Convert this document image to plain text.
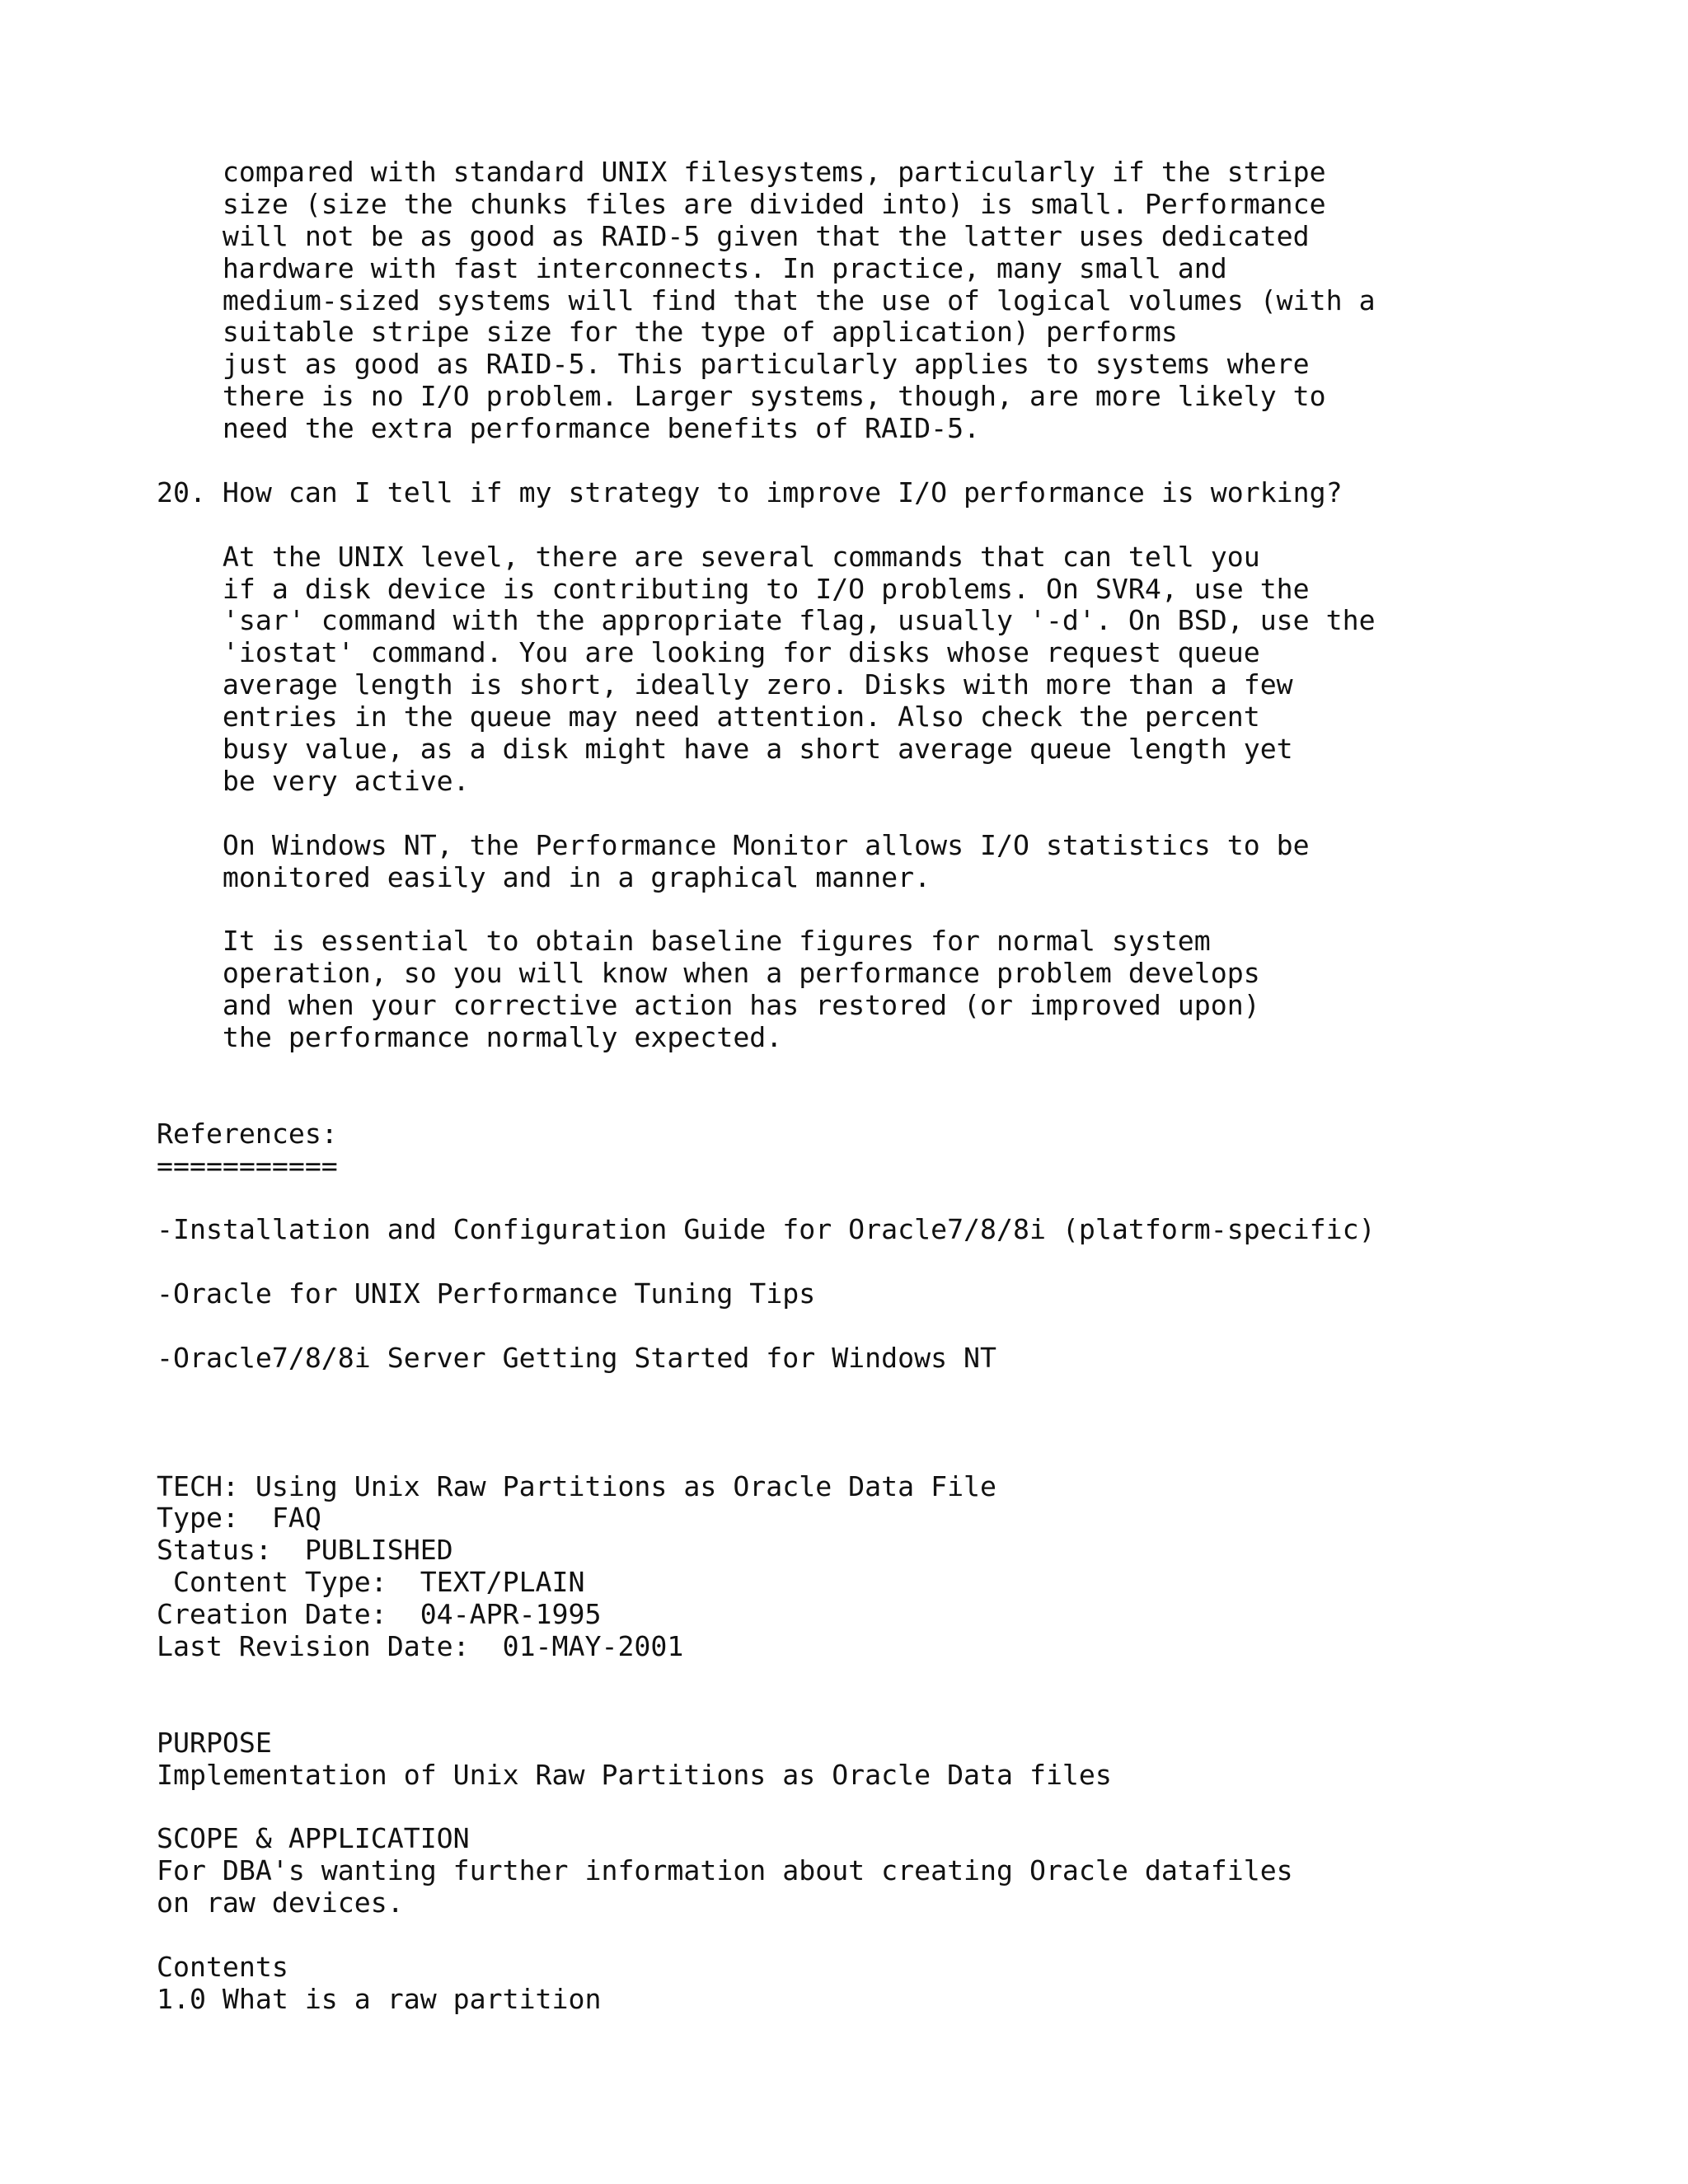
compared with standard UNIX filesystems, particularly if the stripe
size (size the chunks files are divided into) is small. Performance
will not be as good as RAID-5 given that the latter uses dedicated
hardware with fast interconnects. In practice, many small and
medium-sized systems will find that the use of logical volumes (with a
suitable stripe size for the type of application) performs
just as good as RAID-5. This particularly applies to systems where
there is no I/O problem. Larger systems, though, are more likely to
need the extra performance benefits of RAID-5.
20. How can I tell if my strategy to improve I/O performance is working?
At the UNIX level, there are several commands that can tell you
if a disk device is contributing to I/O problems. On SVR4, use the
'sar' command with the appropriate flag, usually '-d'. On BSD, use the
'iostat' command. You are looking for disks whose request queue
average length is short, ideally zero. Disks with more than a few
entries in the queue may need attention. Also check the percent
busy value, as a disk might have a short average queue length yet
be very active.
On Windows NT, the Performance Monitor allows I/O statistics to be
monitored easily and in a graphical manner.
It is essential to obtain baseline figures for normal system
operation, so you will know when a performance problem develops
and when your corrective action has restored (or improved upon)
the performance normally expected.
References:
===========
-Installation and Configuration Guide for Oracle7/8/8i (platform-specific)
-Oracle for UNIX Performance Tuning Tips
-Oracle7/8/8i Server Getting Started for Windows NT
TECH: Using Unix Raw Partitions as Oracle Data File
Type:  FAQ
Status:  PUBLISHED
Content Type:  TEXT/PLAIN
Creation Date:  04-APR-1995
Last Revision Date:  01-MAY-2001
PURPOSE
Implementation of Unix Raw Partitions as Oracle Data files
SCOPE & APPLICATION
For DBA's wanting further information about creating Oracle datafiles
on raw devices.
Contents
1.0 What is a raw partition
